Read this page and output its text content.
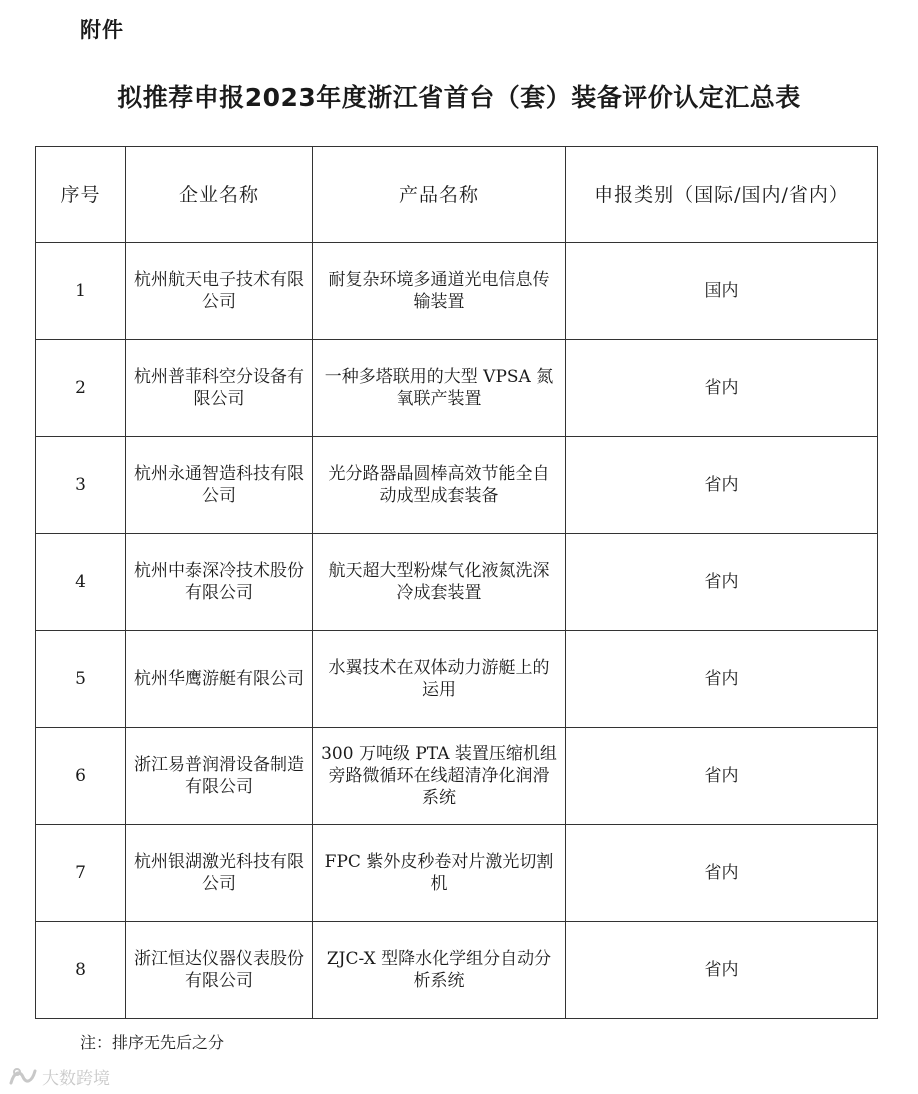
附件
拟推荐申报2023年度浙江省首台（套）装备评价认定汇总表
序号	企业名称	产品名称	申报类别（国际/国内/省内）
1	杭州航天电子技术有限公司	耐复杂环境多通道光电信息传输装置	国内
2	杭州普菲科空分设备有限公司	一种多塔联用的大型 VPSA 氮氧联产装置	省内
3	杭州永通智造科技有限公司	光分路器晶圆棒高效节能全自动成型成套装备	省内
4	杭州中泰深冷技术股份有限公司	航天超大型粉煤气化液氮洗深冷成套装置	省内
5	杭州华鹰游艇有限公司	水翼技术在双体动力游艇上的运用	省内
6	浙江易普润滑设备制造有限公司	300 万吨级 PTA 装置压缩机组旁路微循环在线超清净化润滑系统	省内
7	杭州银湖激光科技有限公司	FPC 紫外皮秒卷对片激光切割机	省内
8	浙江恒达仪器仪表股份有限公司	ZJC-X 型降水化学组分自动分析系统	省内
注：排序无先后之分
大数跨境
